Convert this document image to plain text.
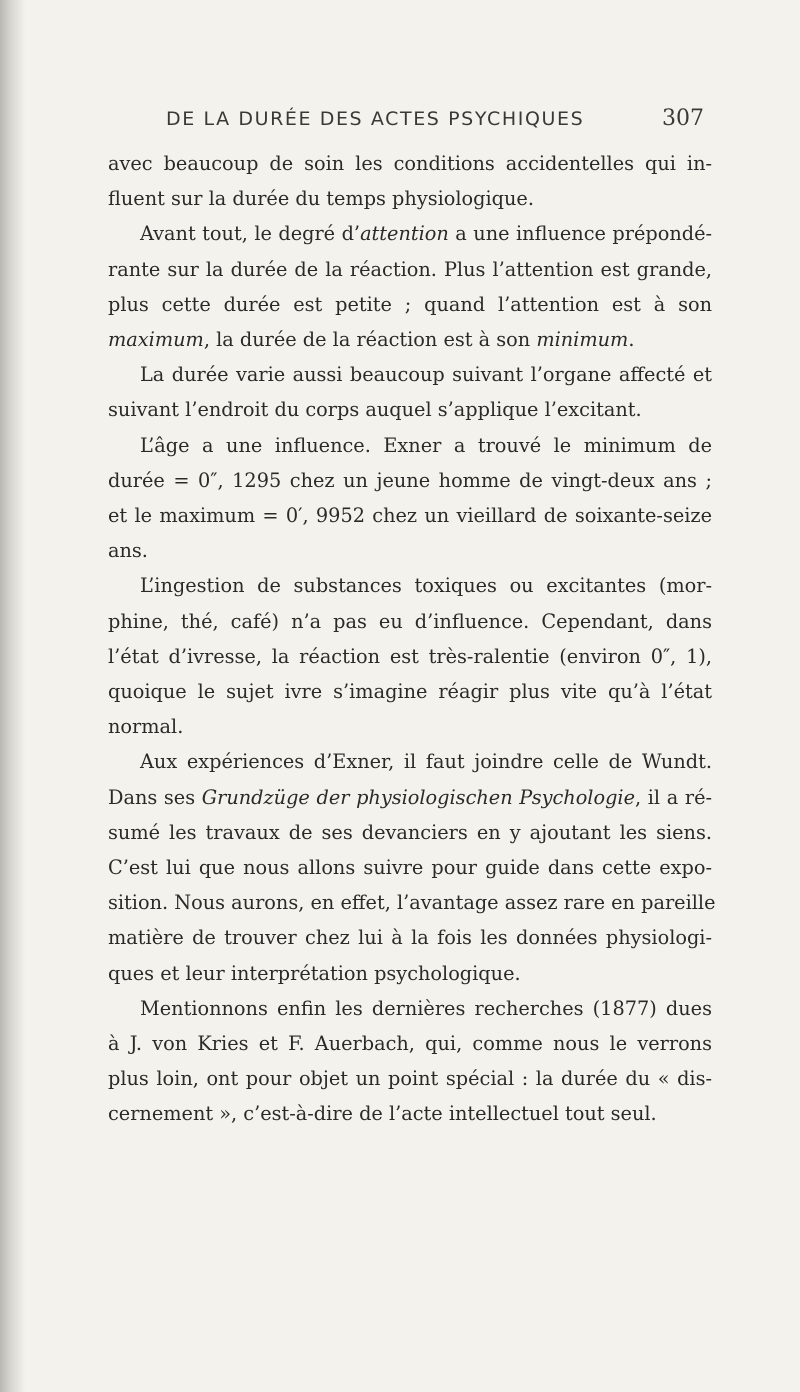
DE LA DURÉE DES ACTES PSYCHIQUES	307

avec beaucoup de soin les conditions accidentelles qui in-
fluent sur la durée du temps physiologique.

Avant tout, le degré d’attention a une influence prépondé-
rante sur la durée de la réaction. Plus l’attention est grande,
plus cette durée est petite ; quand l’attention est à son
maximum, la durée de la réaction est à son minimum.

La durée varie aussi beaucoup suivant l’organe affecté et
suivant l’endroit du corps auquel s’applique l’excitant.

L’âge a une influence. Exner a trouvé le minimum de
durée = 0″, 1295 chez un jeune homme de vingt-deux ans ;
et le maximum = 0′, 9952 chez un vieillard de soixante-seize
ans.

L’ingestion de substances toxiques ou excitantes (mor-
phine, thé, café) n’a pas eu d’influence. Cependant, dans
l’état d’ivresse, la réaction est très-ralentie (environ 0″, 1),
quoique le sujet ivre s’imagine réagir plus vite qu’à l’état
normal.

Aux expériences d’Exner, il faut joindre celle de Wundt.
Dans ses Grundzüge der physiologischen Psychologie, il a ré-
sumé les travaux de ses devanciers en y ajoutant les siens.
C’est lui que nous allons suivre pour guide dans cette expo-
sition. Nous aurons, en effet, l’avantage assez rare en pareille
matière de trouver chez lui à la fois les données physiologi-
ques et leur interprétation psychologique.

Mentionnons enfin les dernières recherches (1877) dues
à J. von Kries et F. Auerbach, qui, comme nous le verrons
plus loin, ont pour objet un point spécial : la durée du « dis-
cernement », c’est-à-dire de l’acte intellectuel tout seul.
